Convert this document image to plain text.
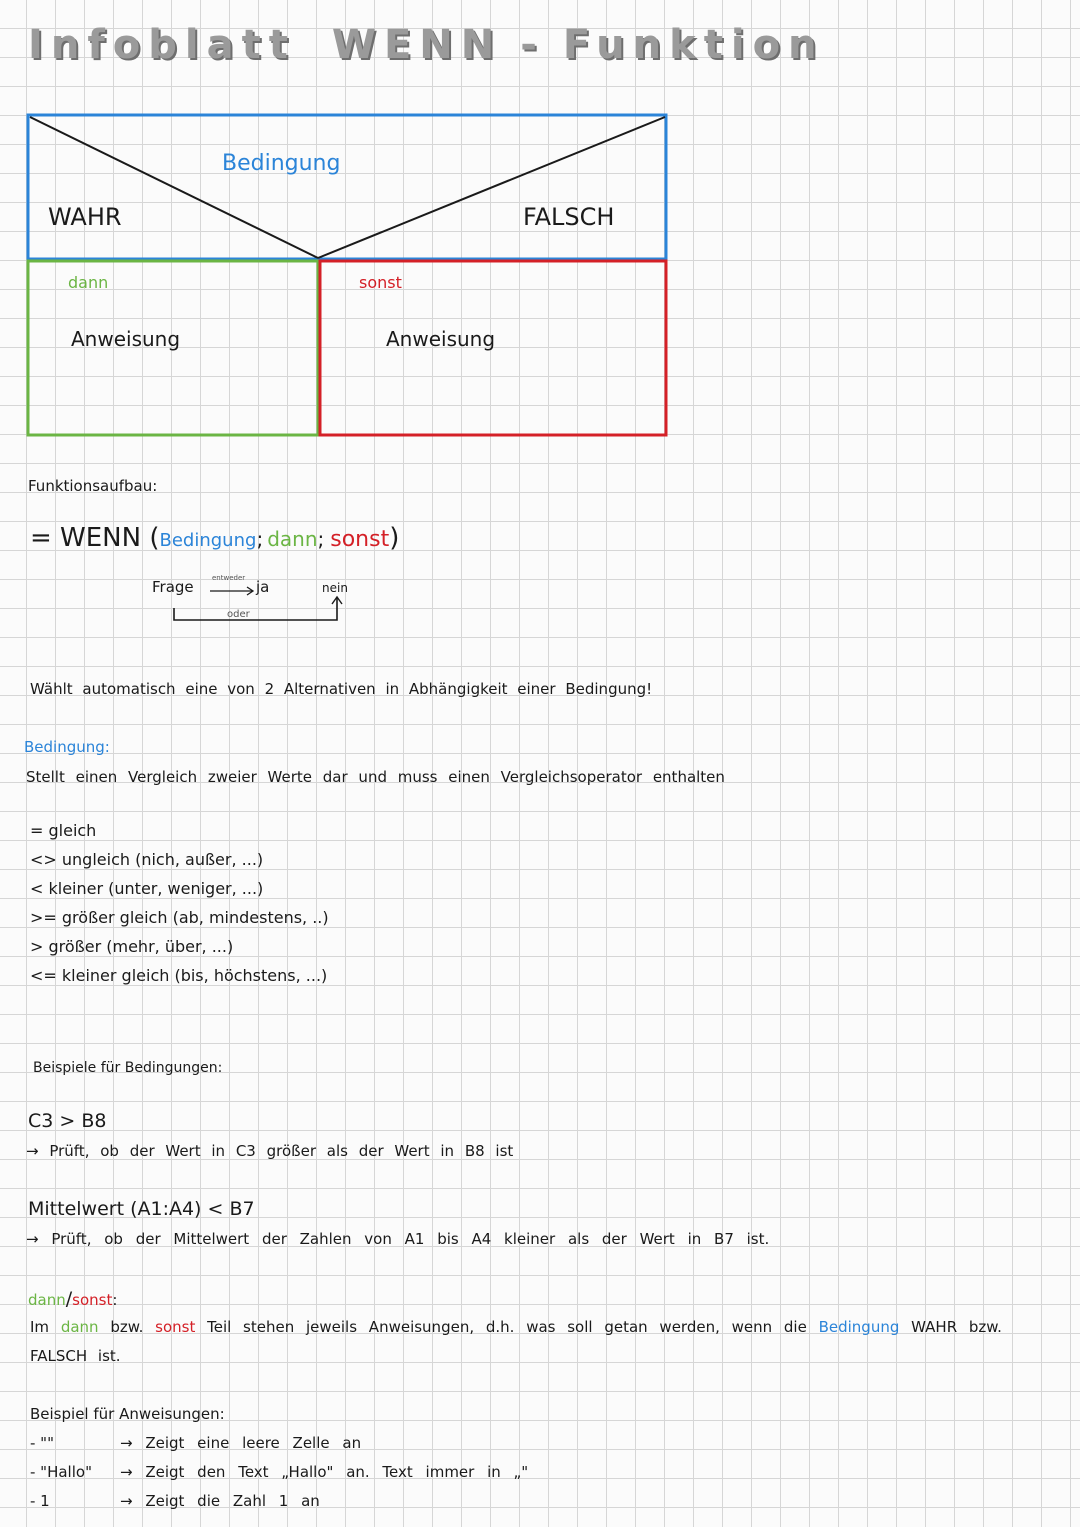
Infoblatt WENN - Funktion
Bedingung
WAHR	FALSCH
dann	sonst
Anweisung	Anweisung
Funktionsaufbau:
= WENN (Bedingung; dann; sonst)
Frage	entweder ja	nein
oder
Wählt automatisch eine von 2 Alternativen in Abhängigkeit einer Bedingung!
Bedingung:
Stellt einen Vergleich zweier Werte dar und muss einen Vergleichsoperator enthalten
= gleich
<> ungleich (nich, außer, ...)
< kleiner (unter, weniger, ...)
>= größer gleich (ab, mindestens, ..)
> größer (mehr, über, ...)
<= kleiner gleich (bis, höchstens, ...)
Beispiele für Bedingungen:
C3 > B8
→ Prüft, ob der Wert in C3 größer als der Wert in B8 ist
Mittelwert (A1:A4) < B7
→ Prüft, ob der Mittelwert der Zahlen von A1 bis A4 kleiner als der Wert in B7 ist.
dann/sonst:
Im dann bzw. sonst Teil stehen jeweils Anweisungen, d.h. was soll getan werden, wenn die Bedingung WAHR bzw.
FALSCH ist.
Beispiel für Anweisungen:
- ""	→ Zeigt eine leere Zelle an
- "Hallo" → Zeigt den Text „Hallo" an. Text immer in „"
- 1	→ Zeigt die Zahl 1 an
